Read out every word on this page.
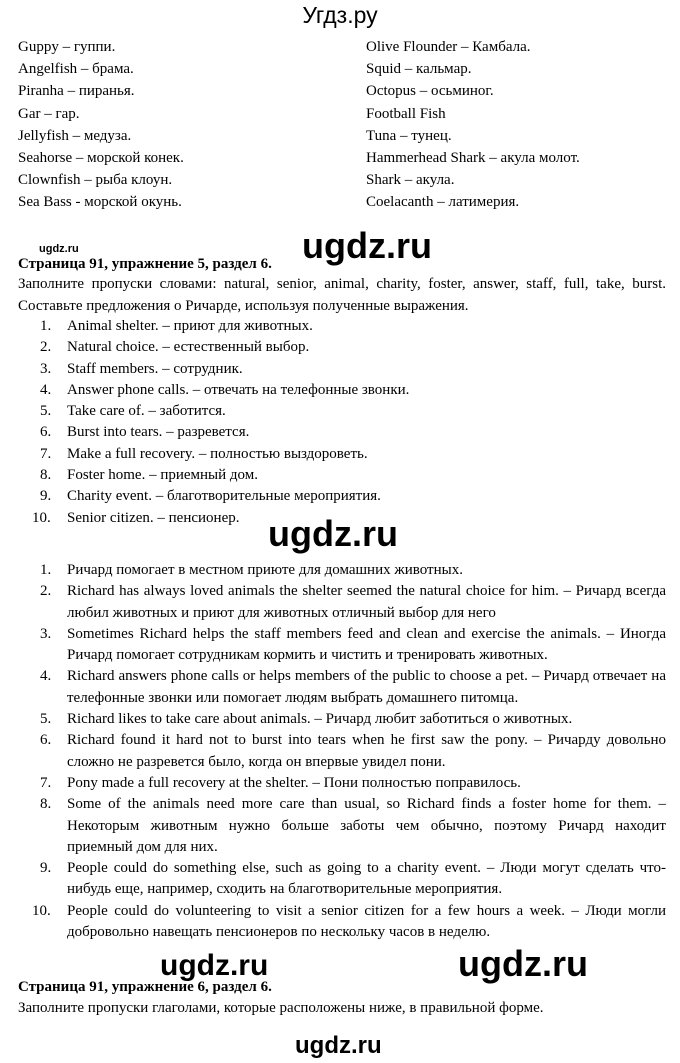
Угдз.ру
Guppy – гуппи.
Angelfish – брама.
Piranha – пиранья.
Gar – гар.
Jellyfish – медуза.
Seahorse – морской конек.
Clownfish – рыба клоун.
Sea Bass - морской окунь.
Olive Flounder – Камбала.
Squid – кальмар.
Octopus – осьминог.
Football Fish
Tuna – тунец.
Hammerhead Shark – акула молот.
Shark – акула.
Coelacanth – латимерия.
ugdz.ru	ugdz.ru
Страница 91, упражнение 5, раздел 6.
Заполните пропуски словами: natural, senior, animal, charity, foster, answer, staff, full, take, burst. Составьте предложения о Ричарде, используя полученные выражения.
1. Animal shelter. – приют для животных.
2. Natural choice. – естественный выбор.
3. Staff members. – сотрудник.
4. Answer phone calls. – отвечать на телефонные звонки.
5. Take care of. – заботится.
6. Burst into tears. – разревется.
7. Make a full recovery. – полностью выздороветь.
8. Foster home. – приемный дом.
9. Charity event. – благотворительные мероприятия.
10. Senior citizen. – пенсионер. ugdz.ru
1. Ричард помогает в местном приюте для домашних животных.
2. Richard has always loved animals the shelter seemed the natural choice for him. – Ричард всегда любил животных и приют для животных отличный выбор для него
3. Sometimes Richard helps the staff members feed and clean and exercise the animals. – Иногда Ричард помогает сотрудникам кормить и чистить и тренировать животных.
4. Richard answers phone calls or helps members of the public to choose a pet. – Ричард отвечает на телефонные звонки или помогает людям выбрать домашнего питомца.
5. Richard likes to take care about animals. – Ричард любит заботиться о животных.
6. Richard found it hard not to burst into tears when he first saw the pony. – Ричарду довольно сложно не разревется было, когда он впервые увидел пони.
7. Pony made a full recovery at the shelter. – Пони полностью поправилось.
8. Some of the animals need more care than usual, so Richard finds a foster home for them. – Некоторым животным нужно больше заботы чем обычно, поэтому Ричард находит приемный дом для них.
9. People could do something else, such as going to a charity event. – Люди могут сделать что-нибудь еще, например, сходить на благотворительные мероприятия.
10. People could do volunteering to visit a senior citizen for a few hours a week. – Люди могли добровольно навещать пенсионеров по нескольку часов в неделю.
ugdz.ru	ugdz.ru
Страница 91, упражнение 6, раздел 6.
Заполните пропуски глаголами, которые расположены ниже, в правильной форме.
ugdz.ru
